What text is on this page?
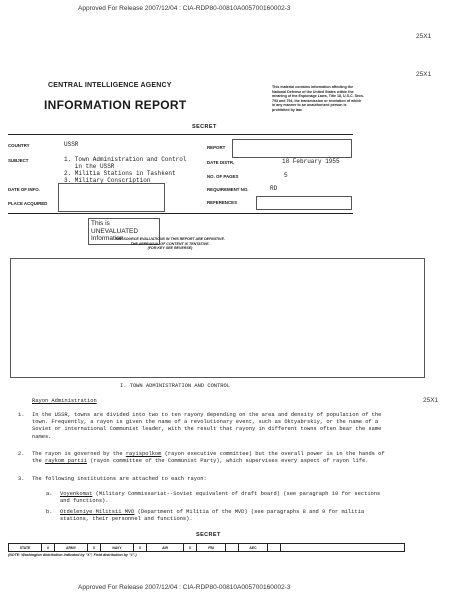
Approved For Release 2007/12/04 : CIA-RDP80-00810A005700160002-3
Approved For Release 2007/12/04 : CIA-RDP80-00810A005700160002-3
25X1
25X1
25X1
CENTRAL INTELLIGENCE AGENCY
INFORMATION REPORT
This material contains information affecting the National Defense of the United States within the meaning of the Espionage Laws, Title 18, U.S.C. Secs. 793 and 794, the transmission or revelation of which in any manner to an unauthorized person is prohibited by law.
SECRET
COUNTRY	USSR
SUBJECT	1. Town Administration and Control
in the USSR
2. Militia Stations in Tashkent
3. Military Conscription
DATE OF INFO.
PLACE ACQUIRED
REPORT
DATE DISTR.	18 February 1955
NO. OF PAGES	5
REQUIREMENT NO.	RD
REFERENCES
This is UNEVALUATED
Information
THE SOURCE EVALUATIONS IN THIS REPORT ARE DEFINITIVE.
THE APPRAISAL OF CONTENT IS TENTATIVE.
(FOR KEY SEE REVERSE)
I. TOWN ADMINISTRATION AND CONTROL
Rayon Administration
1. In the USSR, towns are divided into two to ten rayony depending on the area and density of population of the town. Frequently, a rayon is given the name of a revolutionary event, such as Oktyabrskiy, or the name of a Soviet or international Communist leader, with the result that rayony in different towns often bear the same names.
2. The rayon is governed by the rayispolkom (rayon executive committee) but the overall power is in the hands of the raykom partii (rayon committee of the Communist Party), which supervises every aspect of rayon life.
3. The following institutions are attached to each rayon:
a. Voyenkomat (Military Commissariat--Soviet equivalent of draft board) (see paragraph 10 for sections and functions).
b. Otdeleniye Militsii MVD (Department of Militia of the MVD) (see paragraphs 8 and 9 for militia stations, their personnel and functions).
SECRET
STATE	X	ARMY	X	NAVY	X	AIR	X	FBI	AEC
(NOTE: Washington distribution indicated by "X"; Field distribution by "#".)
